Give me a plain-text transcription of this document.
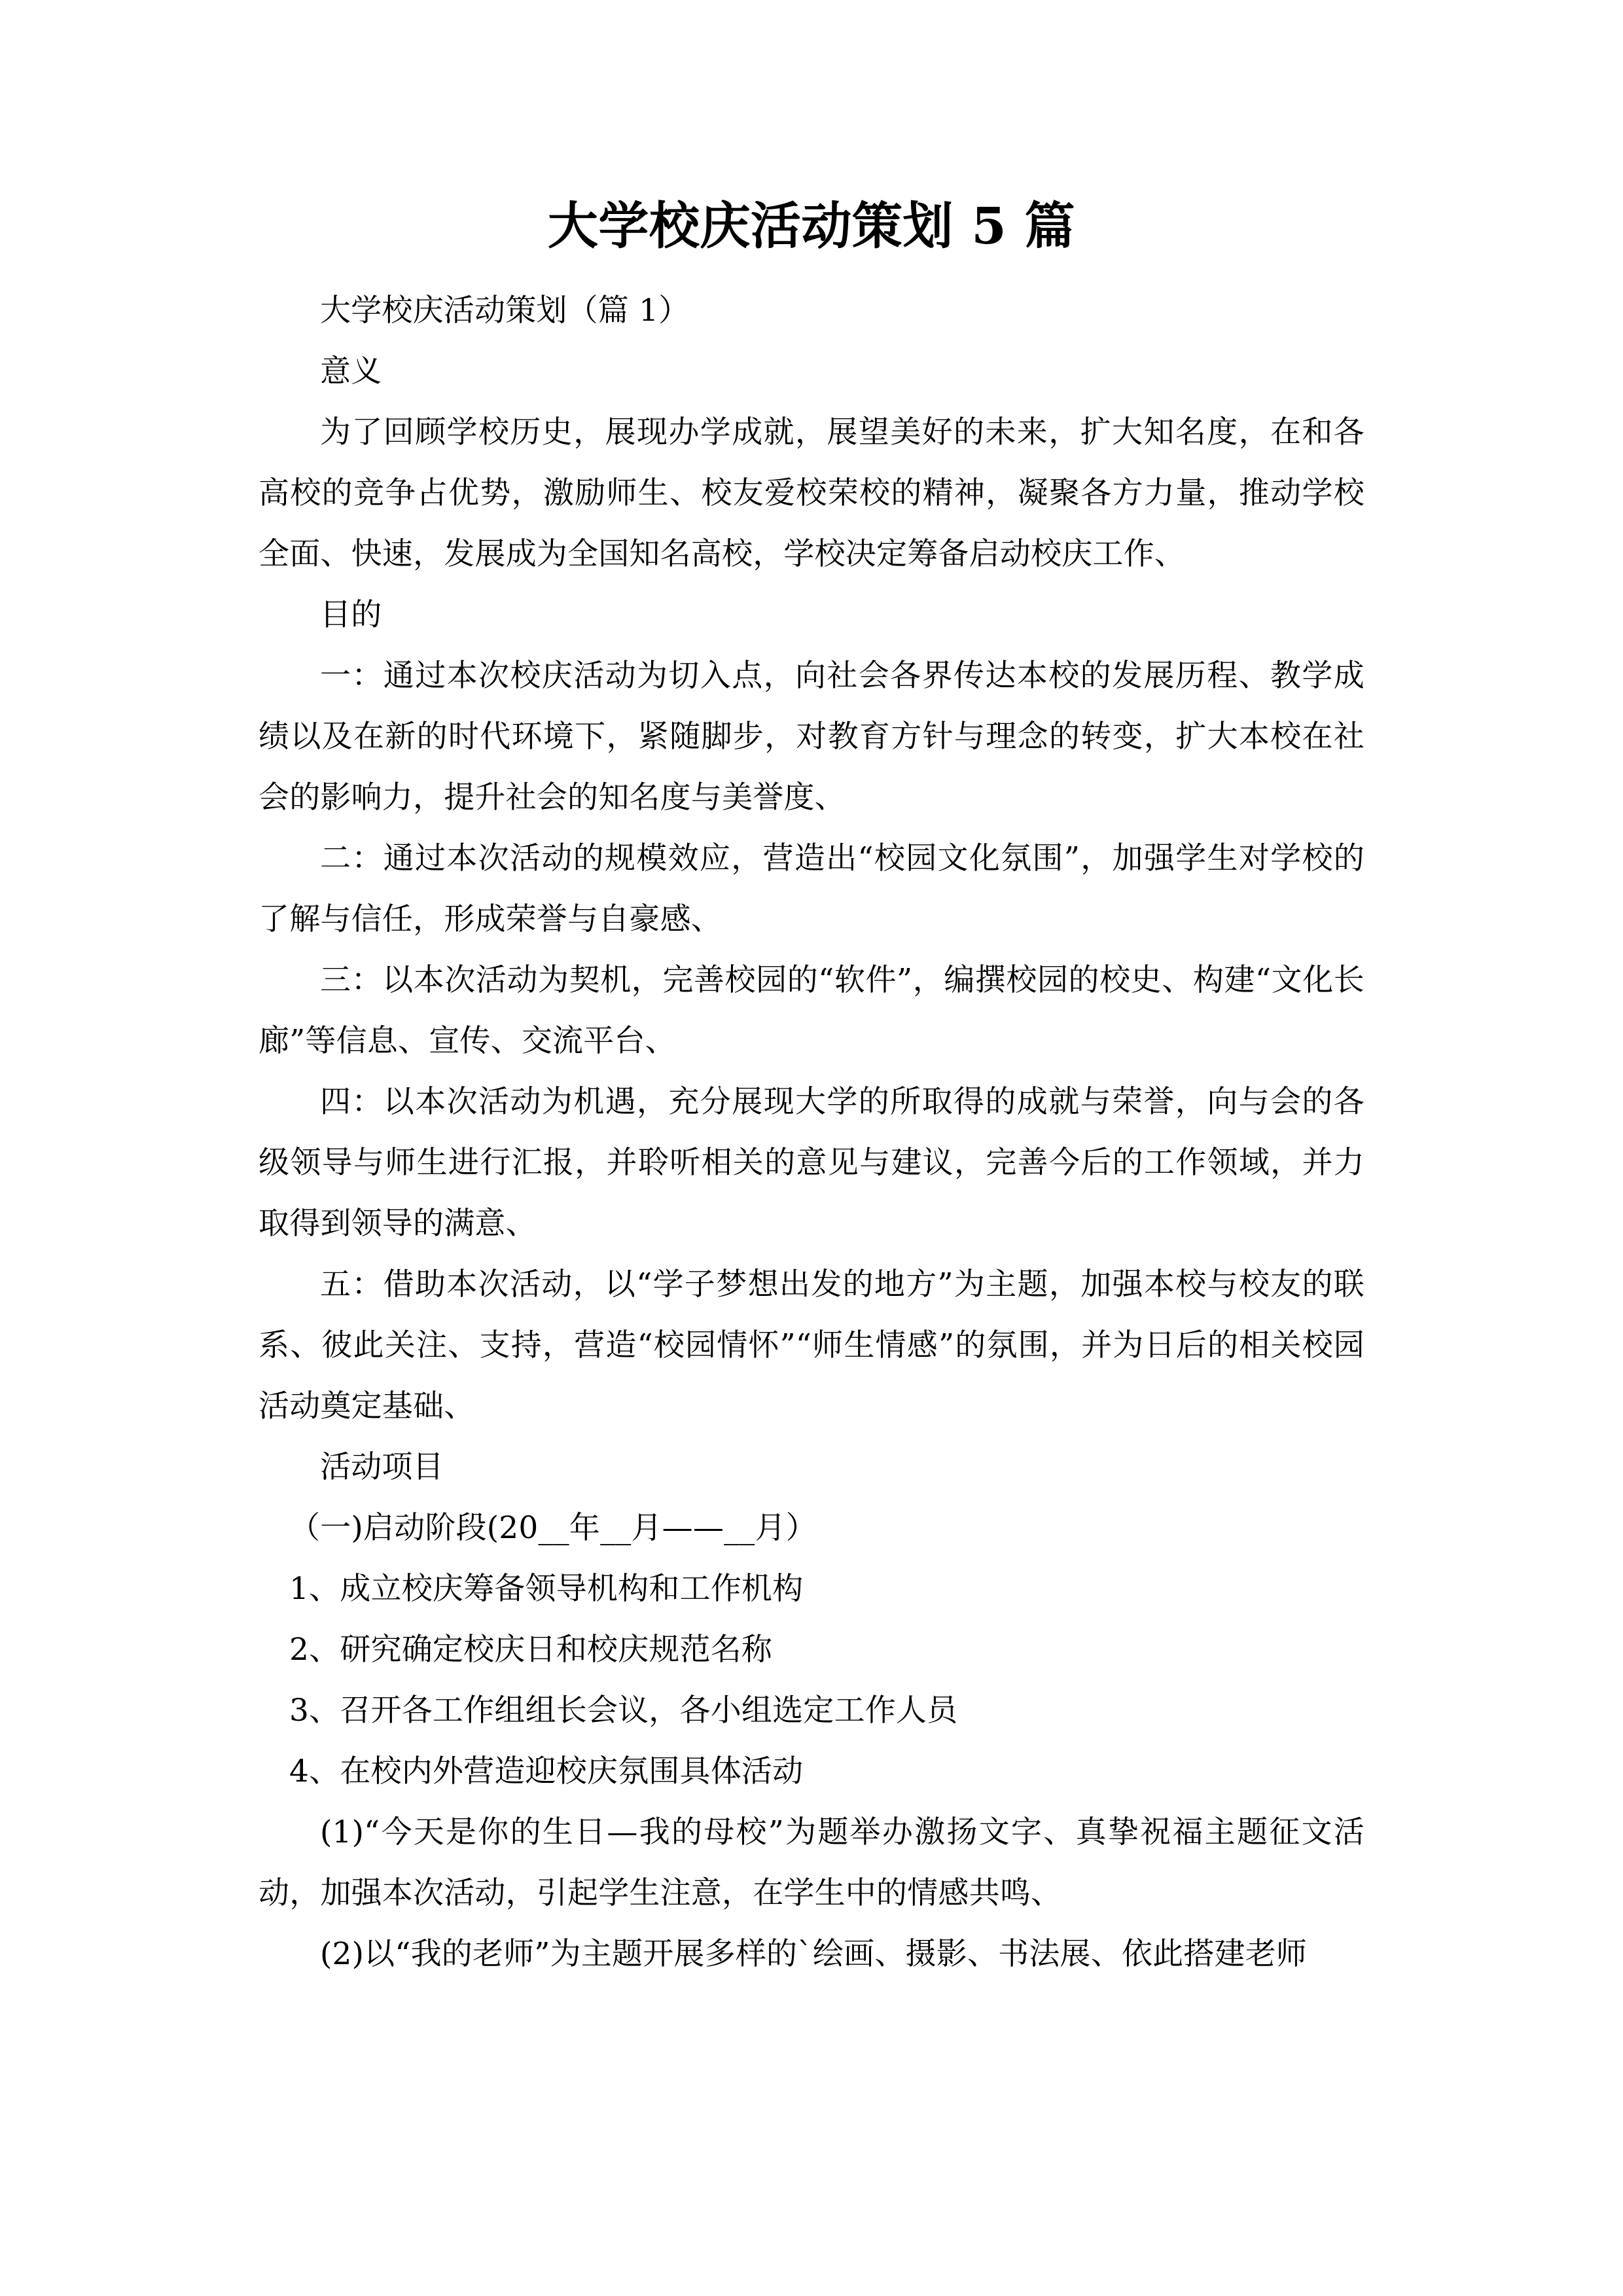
大学校庆活动策划 5 篇

大学校庆活动策划（篇 1）

意义

为了回顾学校历史，展现办学成就，展望美好的未来，扩大知名度，在和各高校的竞争占优势，激励师生、校友爱校荣校的精神，凝聚各方力量，推动学校全面、快速，发展成为全国知名高校，学校决定筹备启动校庆工作、

目的

一：通过本次校庆活动为切入点，向社会各界传达本校的发展历程、教学成绩以及在新的时代环境下，紧随脚步，对教育方针与理念的转变，扩大本校在社会的影响力，提升社会的知名度与美誉度、

二：通过本次活动的规模效应，营造出“校园文化氛围”，加强学生对学校的了解与信任，形成荣誉与自豪感、

三：以本次活动为契机，完善校园的“软件”，编撰校园的校史、构建“文化长廊”等信息、宣传、交流平台、

四：以本次活动为机遇，充分展现大学的所取得的成就与荣誉，向与会的各级领导与师生进行汇报，并聆听相关的意见与建议，完善今后的工作领域，并力取得到领导的满意、

五：借助本次活动，以“学子梦想出发的地方”为主题，加强本校与校友的联系、彼此关注、支持，营造“校园情怀”“师生情感”的氛围，并为日后的相关校园活动奠定基础、

活动项目

（一)启动阶段(20__年__月——__月）

1、成立校庆筹备领导机构和工作机构

2、研究确定校庆日和校庆规范名称

3、召开各工作组组长会议，各小组选定工作人员

4、在校内外营造迎校庆氛围具体活动

(1)“今天是你的生日—我的母校”为题举办激扬文字、真挚祝福主题征文活动，加强本次活动，引起学生注意，在学生中的情感共鸣、

(2)以“我的老师”为主题开展多样的`绘画、摄影、书法展、依此搭建老师
